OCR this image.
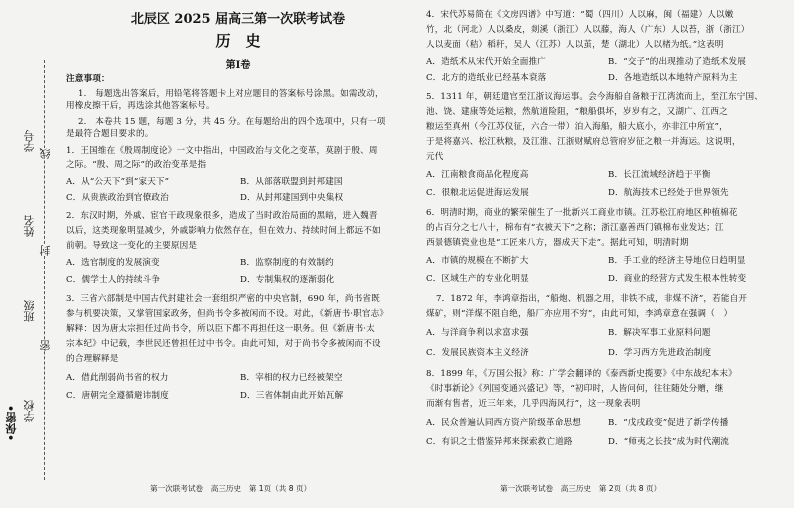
•保密• 学校
班级
姓名
学号
密
封
线
北辰区 2025 届高三第一次联考试卷
历　史
第Ⅰ卷
注意事项：
1.　每题选出答案后，用铅笔将答题卡上对应题目的答案标号涂黑。如需改动，
用橡皮擦干后，再选涂其他答案标号。
2.　本卷共 15 题，每题 3 分，共 45 分。在每题给出的四个选项中，只有一项
是最符合题目要求的。
1．王国维在《殷周制度论》一文中指出，中国政治与文化之变革，莫剧于殷、周
之际。“殷、周之际”的政治变革是指
A．从“公天下”到“家天下”	B．从部落联盟到封邦建国
C．从贵族政治到官僚政治	D．从封邦建国到中央集权
2．东汉时期，外戚、宦官干政现象很多，造成了当时政治局面的黑暗，进入魏晋
以后，这类现象明显减少，外戚影响力依然存在，但在效力、持续时间上都远不如
前朝。导致这一变化的主要原因是
A．选官制度的发展演变	B．监察制度的有效制约
C．儒学士人的持续斗争	D．专制集权的逐渐弱化
3．三省六部制是中国古代封建社会一套组织严密的中央官制，690 年，尚书省既
参与机要决策，又掌管国家政务，但尚书令多被闲而不设。对此，《新唐书·职官志》
解释：因为唐太宗担任过尚书令，所以臣下都不再担任这一职务。但《新唐书·太
宗本纪》中记载，李世民还曾担任过中书令。由此可知，对于尚书令多被闲而不设
的合理解释是
A．借此削弱尚书省的权力	B．宰相的权力已经被架空
C．唐朝完全遵循避讳制度	D．三省体制由此开始瓦解
第一次联考试卷　高三历史　第 1页（共 8 页）
4．宋代苏易简在《文房四谱》中写道：“蜀（四川）人以麻，闽（福建）人以嫩
竹，北（河北）人以桑皮，剡溪（浙江）人以藤，海人（广东）人以苔，浙（浙江）
人以麦面（秸）稻秆，吴人（江苏）人以茧，楚（湖北）人以楮为纸。”这表明
A．造纸术从宋代开始全面推广	B．“交子”的出现推动了造纸术发展
C．北方的造纸业已经基本衰落	D．各地造纸以本地特产原料为主
5．1311 年，朝廷遣官至江浙议海运事。会今海船自备粮于江湾流而上，至江东宁国、
池、饶、建康等处运粮，然航道险阻，“粮船俱坏，岁岁有之，又湖广、江西之
粮运至真州（今江苏仪征，六合一带）泊入海船，船大底小，亦非江中所宜”，
于是将嘉兴、松江秋粮，及江淮、江浙财赋府总管府岁征之粮一并海运。这说明，
元代
A．江南粮食商品化程度高	B．长江流域经济趋于平衡
C．很粮北运促进海运发展	D．航海技术已经处于世界领先
6．明清时期，商业的繁荣催生了一批新兴工商业市镇。江苏松江府地区种植棉花
的占百分之七八十，棉布有“衣被天下”之称；浙江嘉善西门镇棉布业发达；江
西景德镇瓷业也是“工匠来八方，器成天下走”。据此可知，明清时期
A．市镇的规模在不断扩大	B．手工业的经济主导地位日趋明显
C．区域生产的专业化明显	D．商业的经营方式发生根本性转变
7．1872 年，李鸿章指出，“船炮、机器之用，非铁不成，非煤不济”，若能自开
煤矿，则“洋煤不阻自绝，船厂亦应用不穷”，由此可知，李鸿章意在强调（　）
A．与洋商争利以求富求强	B．解决军事工业原料问题
C．发展民族资本主义经济	D．学习西方先进政治制度
8．1899 年，《万国公报》称：广学会翻译的《泰西新史揽要》《中东战纪本末》
《时事新论》《列国变通兴盛记》等，“初印时，人皆问何，往往随处分赠，继
而渐有售者，近三年来，几乎四海风行”，这一现象表明
A．民众普遍认同西方资产阶级革命思想	B．“戊戌政变”促进了新学传播
C．有识之士借鉴异邦来探索救亡道路	D．“师夷之长技”成为时代潮流
第一次联考试卷　高三历史　第 2页（共 8 页）
